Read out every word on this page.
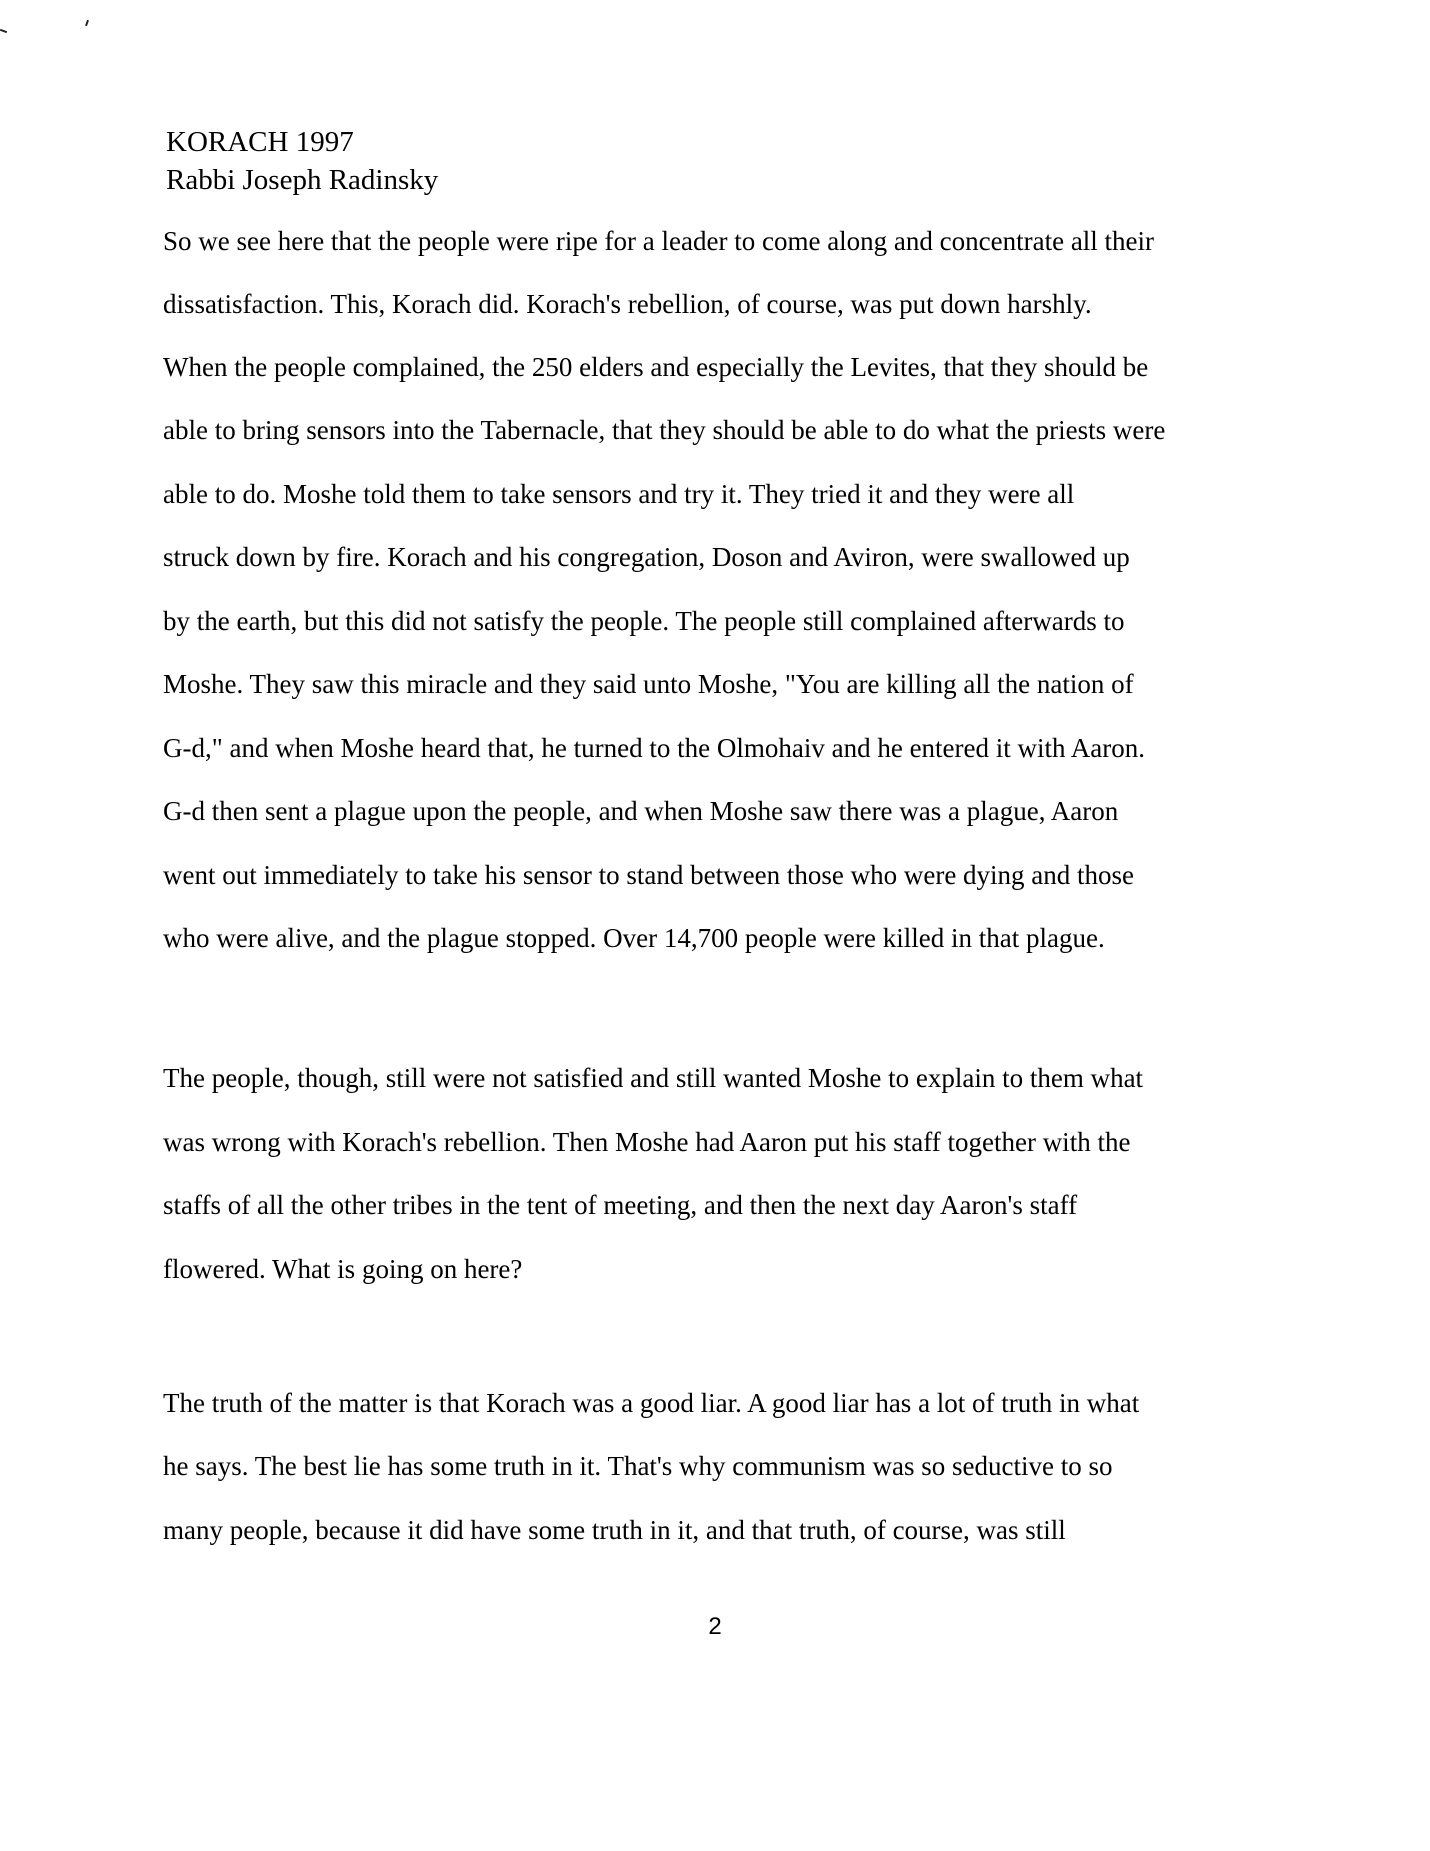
KORACH 1997
Rabbi Joseph Radinsky
So we see here that the people were ripe for a leader to come along and concentrate all their
dissatisfaction. This, Korach did. Korach's rebellion, of course, was put down harshly.
When the people complained, the 250 elders and especially the Levites, that they should be
able to bring sensors into the Tabernacle, that they should be able to do what the priests were
able to do. Moshe told them to take sensors and try it. They tried it and they were all
struck down by fire. Korach and his congregation, Doson and Aviron, were swallowed up
by the earth, but this did not satisfy the people. The people still complained afterwards to
Moshe. They saw this miracle and they said unto Moshe, "You are killing all the nation of
G-d," and when Moshe heard that, he turned to the Olmohaiv and he entered it with Aaron.
G-d then sent a plague upon the people, and when Moshe saw there was a plague, Aaron
went out immediately to take his sensor to stand between those who were dying and those
who were alive, and the plague stopped. Over 14,700 people were killed in that plague.
The people, though, still were not satisfied and still wanted Moshe to explain to them what
was wrong with Korach's rebellion. Then Moshe had Aaron put his staff together with the
staffs of all the other tribes in the tent of meeting, and then the next day Aaron's staff
flowered. What is going on here?
The truth of the matter is that Korach was a good liar. A good liar has a lot of truth in what
he says. The best lie has some truth in it. That's why communism was so seductive to so
many people, because it did have some truth in it, and that truth, of course, was still
2
